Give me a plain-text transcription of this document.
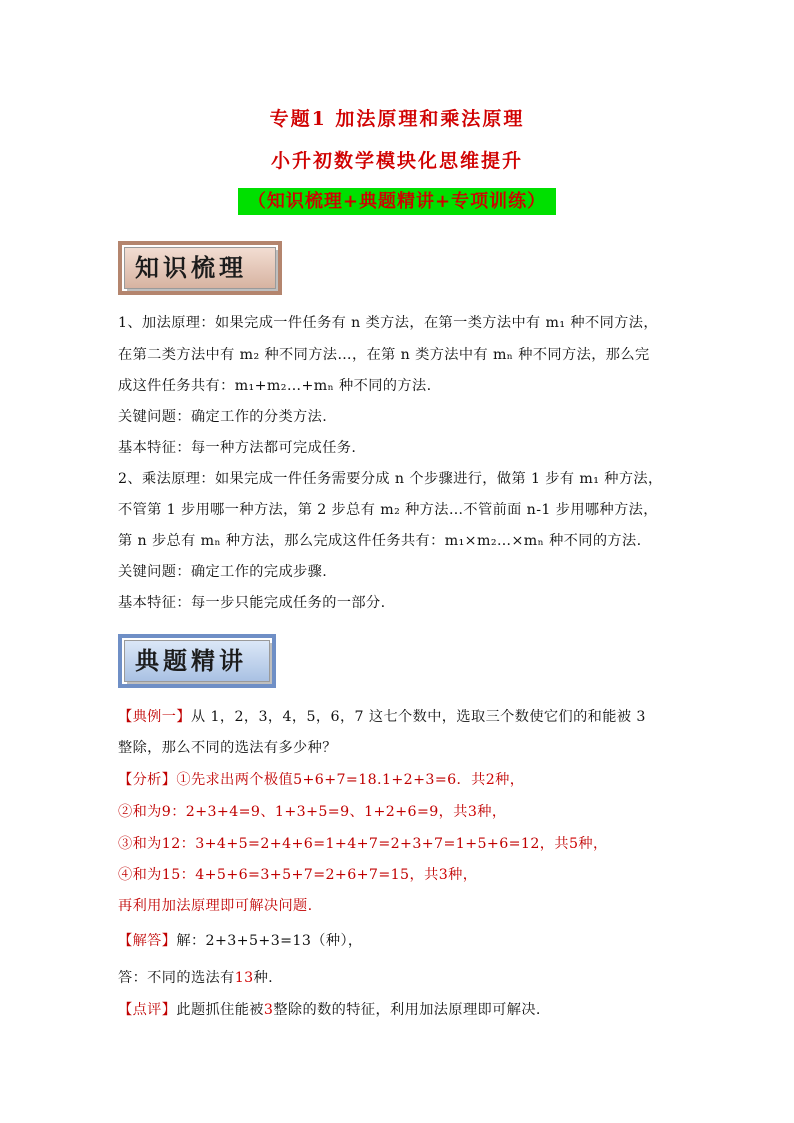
专题1 加法原理和乘法原理
小升初数学模块化思维提升
（知识梳理+典题精讲+专项训练）
知识梳理
1、加法原理：如果完成一件任务有 n 类方法，在第一类方法中有 m₁ 种不同方法，
在第二类方法中有 m₂ 种不同方法…，在第 n 类方法中有 mₙ 种不同方法，那么完
成这件任务共有：m₁+m₂…+mₙ 种不同的方法.
关键问题：确定工作的分类方法.
基本特征：每一种方法都可完成任务.
2、乘法原理：如果完成一件任务需要分成 n 个步骤进行，做第 1 步有 m₁ 种方法，
不管第 1 步用哪一种方法，第 2 步总有 m₂ 种方法…不管前面 n-1 步用哪种方法，
第 n 步总有 mₙ 种方法，那么完成这件任务共有：m₁×m₂…×mₙ 种不同的方法.
关键问题：确定工作的完成步骤.
基本特征：每一步只能完成任务的一部分.
典题精讲
【典例一】从 1，2，3，4，5，6，7 这七个数中，选取三个数使它们的和能被 3
整除，那么不同的选法有多少种？
【分析】①先求出两个极值5+6+7=18.1+2+3=6．共2种，
②和为9：2+3+4=9、1+3+5=9、1+2+6=9，共3种，
③和为12：3+4+5=2+4+6=1+4+7=2+3+7=1+5+6=12，共5种，
④和为15：4+5+6=3+5+7=2+6+7=15，共3种，
再利用加法原理即可解决问题.
【解答】解：2+3+5+3=13（种），
答：不同的选法有13种.
【点评】此题抓住能被3整除的数的特征，利用加法原理即可解决.
